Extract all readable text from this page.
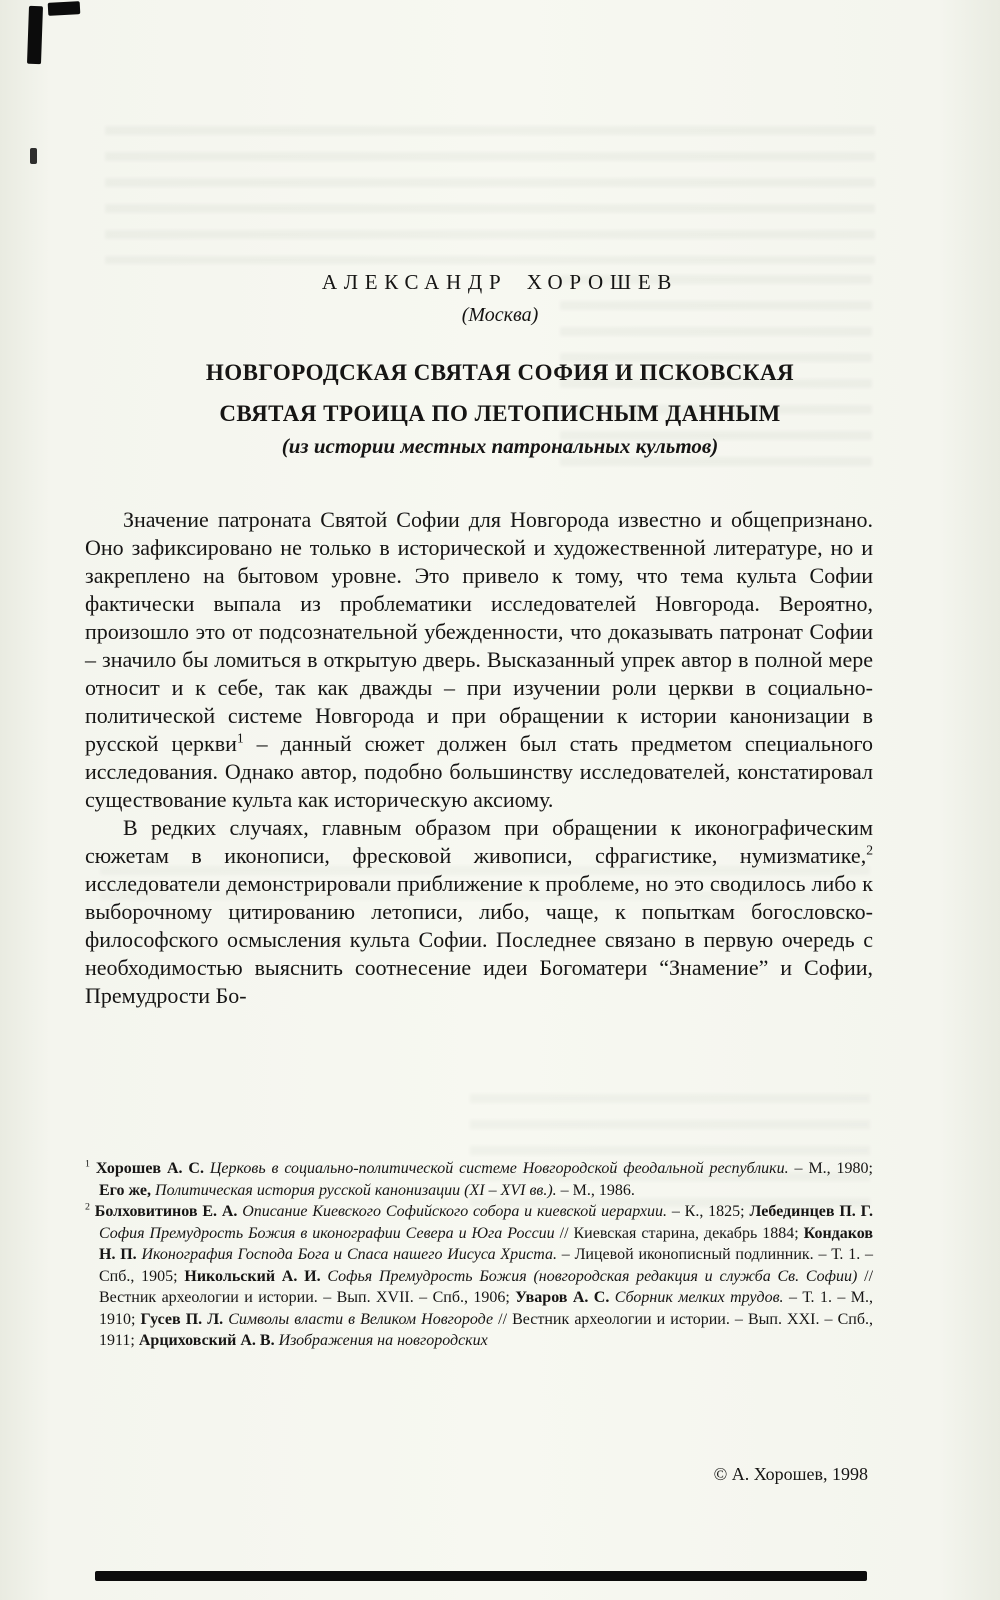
АЛЕКСАНДР ХОРОШЕВ
(Москва)
НОВГОРОДСКАЯ СВЯТАЯ СОФИЯ И ПСКОВСКАЯ
СВЯТАЯ ТРОИЦА ПО ЛЕТОПИСНЫМ ДАННЫМ
(из истории местных патрональных культов)

Значение патроната Святой Софии для Новгорода известно и общепризнано. Оно зафиксировано не только в исторической и художественной литературе, но и закреплено на бытовом уровне. Это привело к тому, что тема культа Софии фактически выпала из проблематики исследователей Новгорода. Вероятно, произошло это от подсознательной убежденности, что доказывать патронат Софии – значило бы ломиться в открытую дверь. Высказанный упрек автор в полной мере относит и к себе, так как дважды – при изучении роли церкви в социально-политической системе Новгорода и при обращении к истории канонизации в русской церкви$^1$ – данный сюжет должен был стать предметом специального исследования. Однако автор, подобно большинству исследователей, констатировал существование культа как историческую аксиому.

В редких случаях, главным образом при обращении к иконографическим сюжетам в иконописи, фресковой живописи, сфрагистике, нумизматике,$^2$ исследователи демонстрировали приближение к проблеме, но это сводилось либо к выборочному цитированию летописи, либо, чаще, к попыткам богословско-философского осмысления культа Софии. Последнее связано в первую очередь с необходимостью выяснить соотнесение идеи Богоматери “Знамение” и Софии, Премудрости Бо-

$^1$ Хорошев А. С. Церковь в социально-политической системе Новгородской феодальной республики. – М., 1980; Его же, Политическая история русской канонизации (XI – XVI вв.). – М., 1986.
$^2$ Болховитинов Е. А. Описание Киевского Софийского собора и киевской иерархии. – К., 1825; Лебединцев П. Г. София Премудрость Божия в иконографии Севера и Юга России // Киевская старина, декабрь 1884; Кондаков Н. П. Иконография Господа Бога и Спаса нашего Иисуса Христа. – Лицевой иконописный подлинник. – Т. 1. – Спб., 1905; Никольский А. И. Софья Премудрость Божия (новгородская редакция и служба Св. Софии) // Вестник археологии и истории. – Вып. XVII. – Спб., 1906; Уваров А. С. Сборник мелких трудов. – Т. 1. – М., 1910; Гусев П. Л. Символы власти в Великом Новгороде // Вестник археологии и истории. – Вып. XXI. – Спб., 1911; Арциховский А. В. Изображения на новгородских
© А. Хорошев, 1998
